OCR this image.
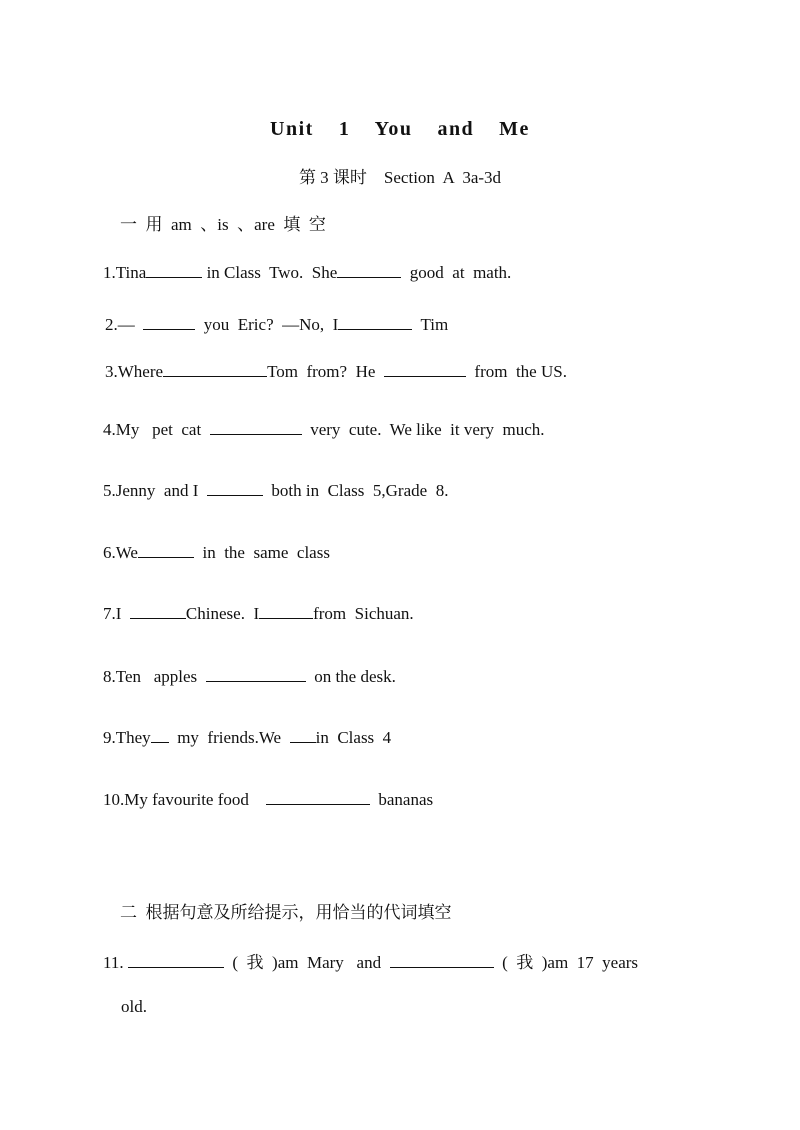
Unit  1  You  and  Me
第 3 课时    Section  A  3a-3d
一  用  am  、is  、are  填  空
1.Tina	in Class  Two.  She	good  at  math.
2.—	you  Eric?  —No,  I	Tim
3.Where	Tom  from?  He	from  the US.
4.My   pet  cat	very  cute.  We like  it very  much.
5.Jenny  and I	both in  Class  5,Grade  8.
6.We	in  the  same  class
7.I	Chinese.  I	from  Sichuan.
8.Ten   apples	on the desk.
9.They  my  friends.We  in  Class  4
10.My favourite food	bananas
二  根据句意及所给提示，用恰当的代词填空
11.	(  我  )am  Mary   and	(  我  )am  17  years
old.
